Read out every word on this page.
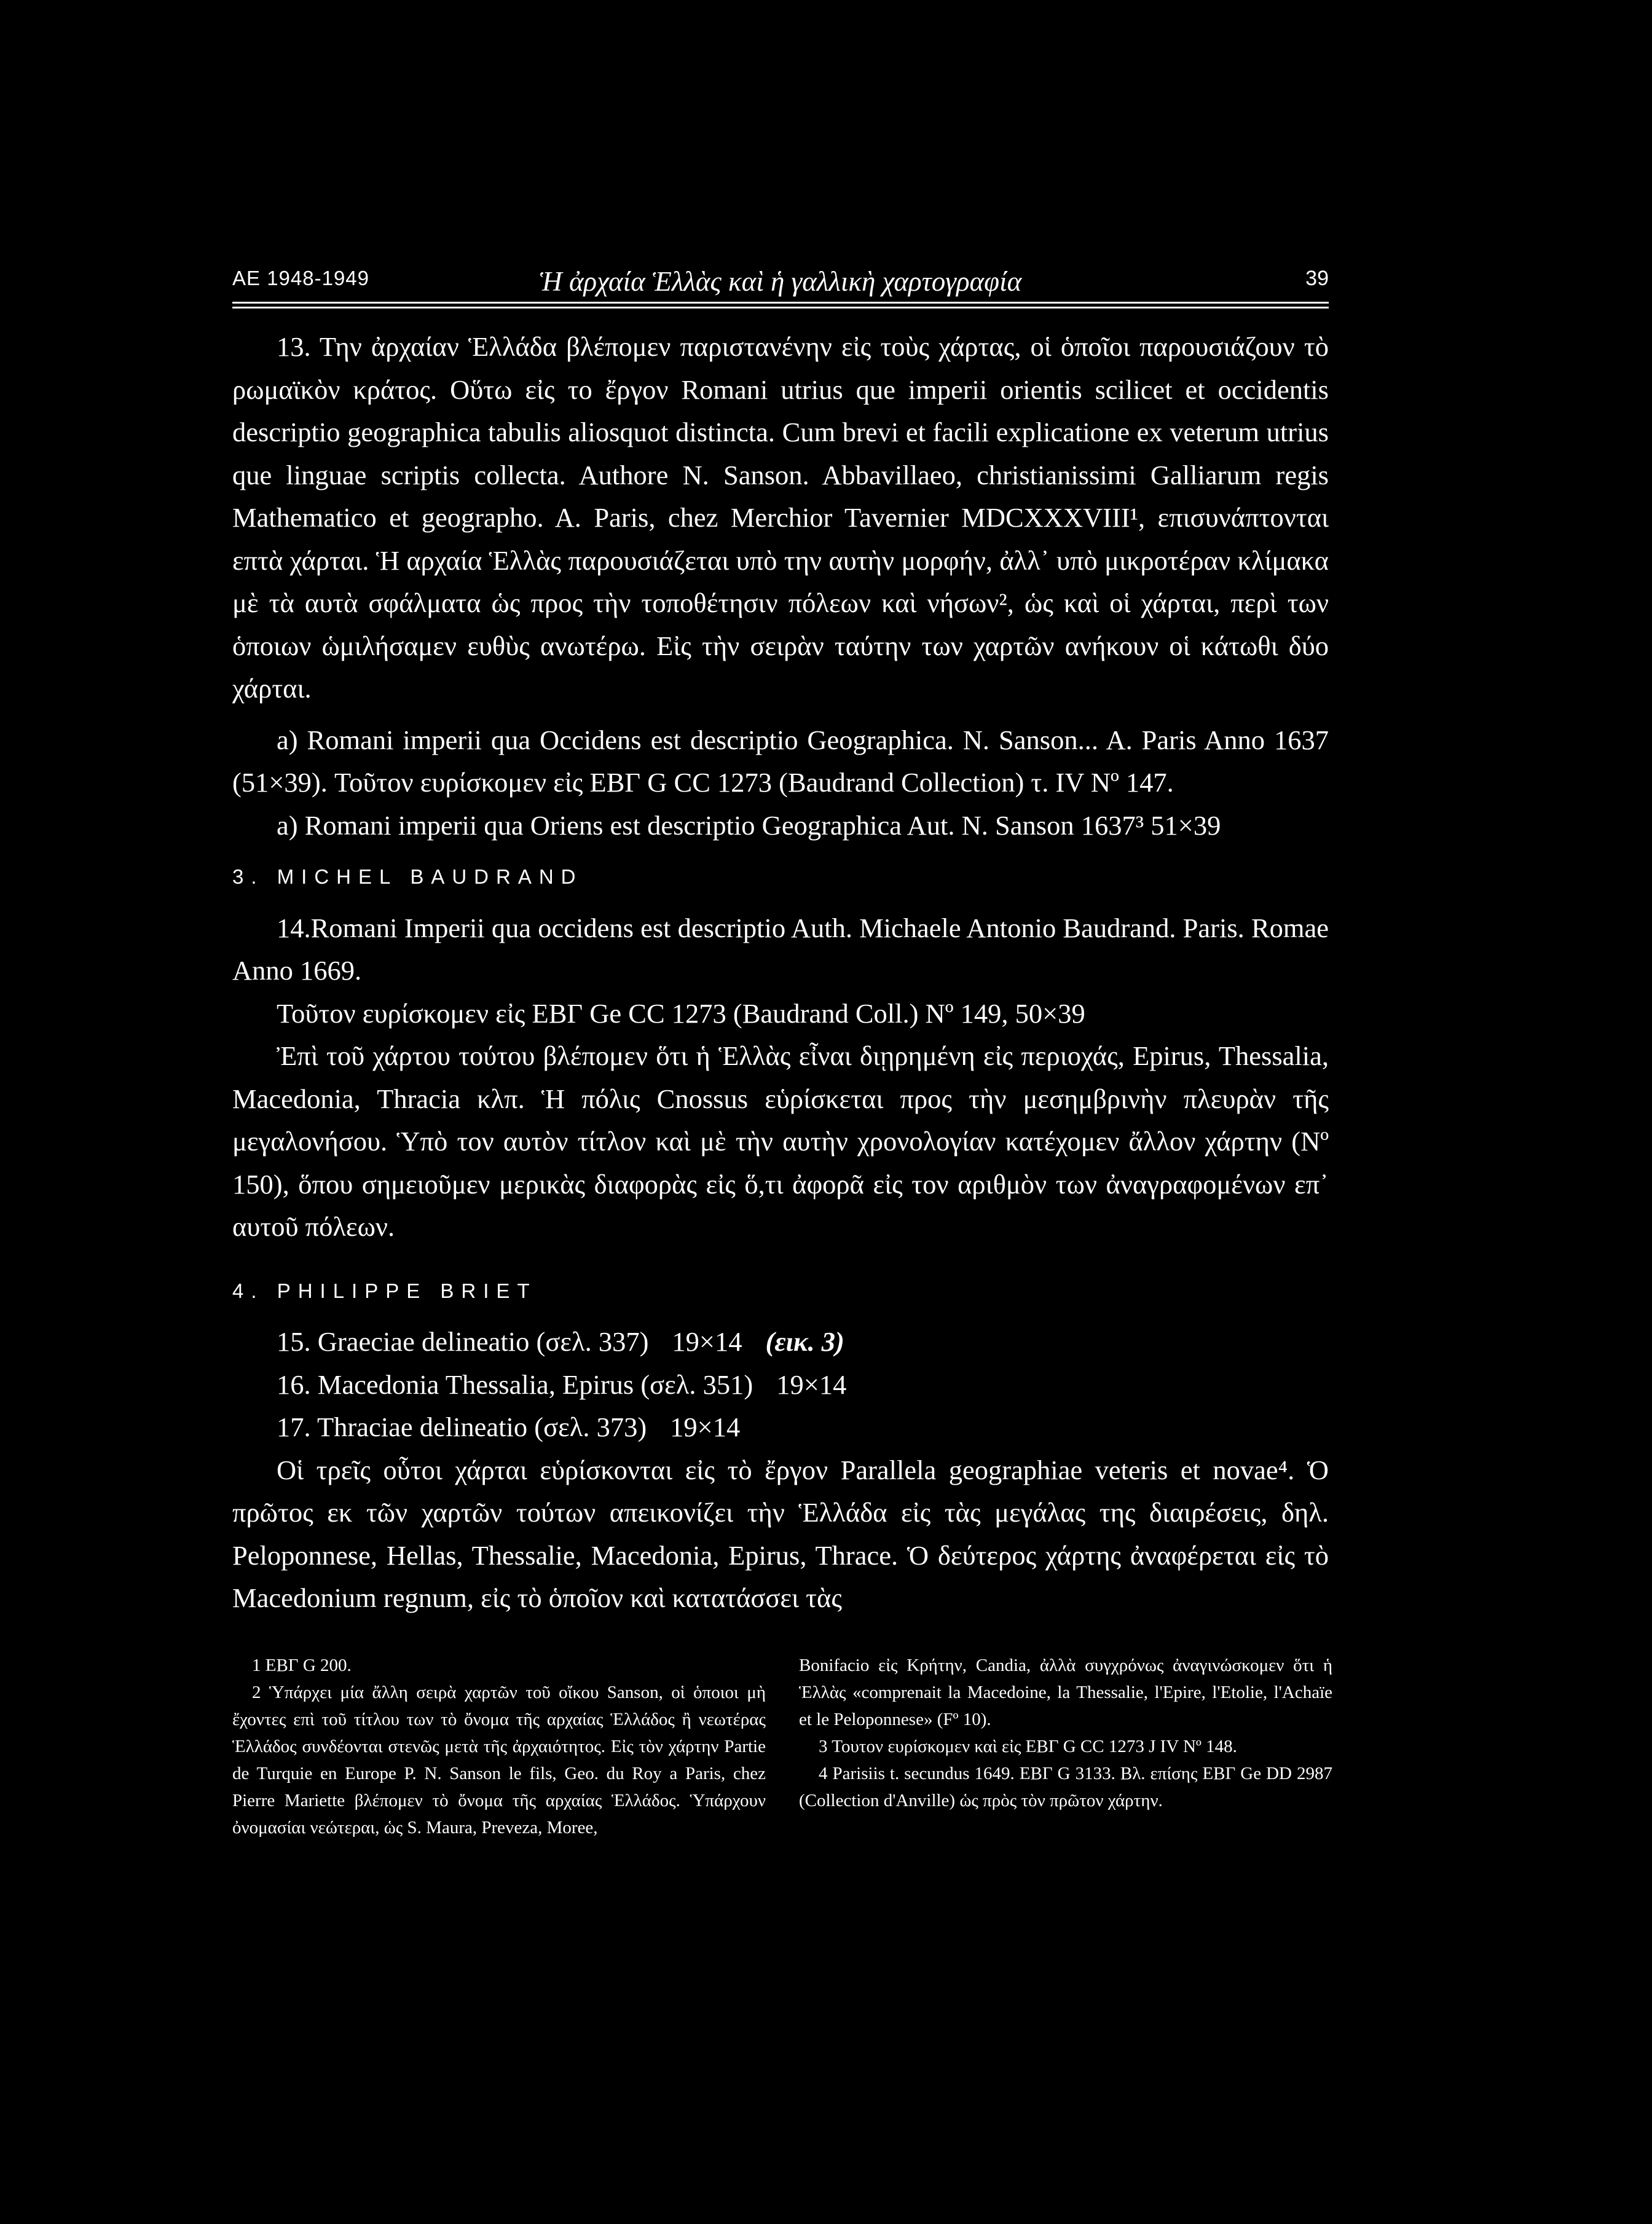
ΑΕ 1948-1949	Ἡ ἀρχαία Ἑλλὰς καὶ ἡ γαλλικὴ χαρτογραφία	39

13. Την ἀρχαίαν Ἑλλάδα βλέπομεν παριστανένην εἰς τοὺς χάρτας, οἱ ὁποῖοι παρουσιάζουν τὸ ρωμαϊκὸν κράτος. Οὕτω εἰς το ἔργον Romani utrius que imperii orientis scilicet et occidentis descriptio geographica tabulis aliosquot distincta. Cum brevi et facili explicatione ex veterum utrius que linguae scriptis collecta. Authore N. Sanson. Abbavillaeo, christianissimi Galliarum regis Mathematico et geographo. A. Paris, chez Merchior Tavernier MDCXXXVIII¹, επισυνάπτονται επτὰ χάρται. Ἡ αρχαία Ἑλλὰς παρουσιάζεται υπὸ την αυτὴν μορφήν, ἀλλ᾿ υπὸ μικροτέραν κλίμακα μὲ τὰ αυτὰ σφάλματα ὡς προς τὴν τοποθέτησιν πόλεων καὶ νήσων², ὡς καὶ οἱ χάρται, περὶ των ὁποιων ὡμιλήσαμεν ευθὺς ανωτέρω. Εἰς τὴν σειρὰν ταύτην των χαρτῶν ανήκουν οἱ κάτωθι δύο χάρται.

a) Romani imperii qua Occidens est descriptio Geographica. N. Sanson... A. Paris Anno 1637 (51×39). Τοῦτον ευρίσκομεν εἰς ΕΒΓ G CC 1273 (Baudrand Collection) τ. IV Nº 147.

a) Romani imperii qua Oriens est descriptio Geographica Aut. N. Sanson 1637³ 51×39

3. MICHEL BAUDRAND

14.Romani Imperii qua occidens est descriptio Auth. Michaele Antonio Baudrand. Paris. Romae Anno 1669.

Τοῦτον ευρίσκομεν εἰς ΕΒΓ Ge CC 1273 (Baudrand Coll.) Nº 149, 50×39

Ἐπὶ τοῦ χάρτου τούτου βλέπομεν ὅτι ἡ Ἑλλὰς εἶναι διῃρημένη εἰς περιοχάς, Epirus, Thessalia, Macedonia, Thracia κλπ. Ἡ πόλις Cnossus εὑρίσκεται προς τὴν μεσημβρινὴν πλευρὰν τῆς μεγαλονήσου. Ὑπὸ τον αυτὸν τίτλον καὶ μὲ τὴν αυτὴν χρονολογίαν κατέχομεν ἄλλον χάρτην (Nº 150), ὅπου σημειοῦμεν μερικὰς διαφορὰς εἰς ὅ,τι ἀφορᾶ εἰς τον αριθμὸν των ἀναγραφομένων επ᾿ αυτοῦ πόλεων.

4. PHILIPPE BRIET

15. Graeciae delineatio (σελ. 337) 19×14 (εικ. 3)

16. Macedonia Thessalia, Epirus (σελ. 351) 19×14

17. Thraciae delineatio (σελ. 373) 19×14

Οἱ τρεῖς οὗτοι χάρται εὑρίσκονται εἰς τὸ ἔργον Parallela geographiae veteris et novae⁴. Ὁ πρῶτος εκ τῶν χαρτῶν τούτων απεικονίζει τὴν Ἑλλάδα εἰς τὰς μεγάλας της διαιρέσεις, δηλ. Peloponnese, Hellas, Thessalie, Macedonia, Epirus, Thrace. Ὁ δεύτερος χάρτης ἀναφέρεται εἰς τὸ Macedonium regnum, εἰς τὸ ὁποῖον καὶ κατατάσσει τὰς

1 ΕΒΓ G 200.

2 Ὑπάρχει μία ἄλλη σειρὰ χαρτῶν τοῦ οἴκου Sanson, οἱ ὁποιοι μὴ ἔχοντες επὶ τοῦ τίτλου των τὸ ὄνομα τῆς αρχαίας Ἑλλάδος ἢ νεωτέρας Ἑλλάδος συνδέονται στενῶς μετὰ τῆς ἀρχαιότητος. Εἰς τὸν χάρτην Partie de Turquie en Europe P. N. Sanson le fils, Geo. du Roy a Paris, chez Pierre Mariette βλέπομεν τὸ ὄνομα τῆς αρχαίας Ἑλλάδος. Ὑπάρχουν ὀνομασίαι νεώτεραι, ὡς S. Maura, Preveza, Moree,

Bonifacio εἰς Κρήτην, Candia, ἀλλὰ συγχρόνως ἀναγινώσκομεν ὅτι ἡ Ἑλλὰς «comprenait la Macedoine, la Thessalie, l'Epire, l'Etolie, l'Achaïe et le Peloponnese» (Fº 10).

3 Τουτον ευρίσκομεν καὶ εἰς ΕΒΓ G CC 1273 J IV Nº 148.

4 Parisiis t. secundus 1649. ΕΒΓ G 3133. Βλ. επίσης ΕΒΓ Ge DD 2987 (Collection d'Anville) ὡς πρὸς τὸν πρῶτον χάρτην.
